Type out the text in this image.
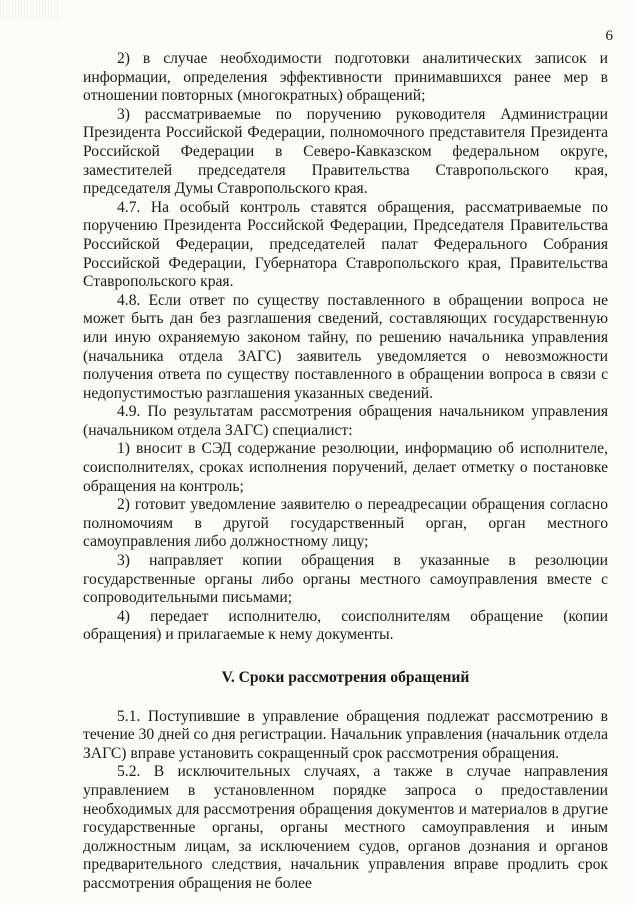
6

2) в случае необходимости подготовки аналитических записок и информации, определения эффективности принимавшихся ранее мер в отношении повторных (многократных) обращений;

3) рассматриваемые по поручению руководителя Администрации Президента Российской Федерации, полномочного представителя Президента Российской Федерации в Северо-Кавказском федеральном округе, заместителей председателя Правительства Ставропольского края, председателя Думы Ставропольского края.

4.7. На особый контроль ставятся обращения, рассматриваемые по поручению Президента Российской Федерации, Председателя Правительства Российской Федерации, председателей палат Федерального Собрания Российской Федерации, Губернатора Ставропольского края, Правительства Ставропольского края.

4.8. Если ответ по существу поставленного в обращении вопроса не может быть дан без разглашения сведений, составляющих государственную или иную охраняемую законом тайну, по решению начальника управления (начальника отдела ЗАГС) заявитель уведомляется о невозможности получения ответа по существу поставленного в обращении вопроса в связи с недопустимостью разглашения указанных сведений.

4.9. По результатам рассмотрения обращения начальником управления (начальником отдела ЗАГС) специалист:

1) вносит в СЭД содержание резолюции, информацию об исполнителе, соисполнителях, сроках исполнения поручений, делает отметку о постановке обращения на контроль;

2) готовит уведомление заявителю о переадресации обращения согласно полномочиям в другой государственный орган, орган местного самоуправления либо должностному лицу;

3) направляет копии обращения в указанные в резолюции государственные органы либо органы местного самоуправления вместе с сопроводительными письмами;

4) передает исполнителю, соисполнителям обращение (копии обращения) и прилагаемые к нему документы.

V. Сроки рассмотрения обращений

5.1. Поступившие в управление обращения подлежат рассмотрению в течение 30 дней со дня регистрации. Начальник управления (начальник отдела ЗАГС) вправе установить сокращенный срок рассмотрения обращения.

5.2. В исключительных случаях, а также в случае направления управлением в установленном порядке запроса о предоставлении необходимых для рассмотрения обращения документов и материалов в другие государственные органы, органы местного самоуправления и иным должностным лицам, за исключением судов, органов дознания и органов предварительного следствия, начальник управления вправе продлить срок рассмотрения обращения не более
